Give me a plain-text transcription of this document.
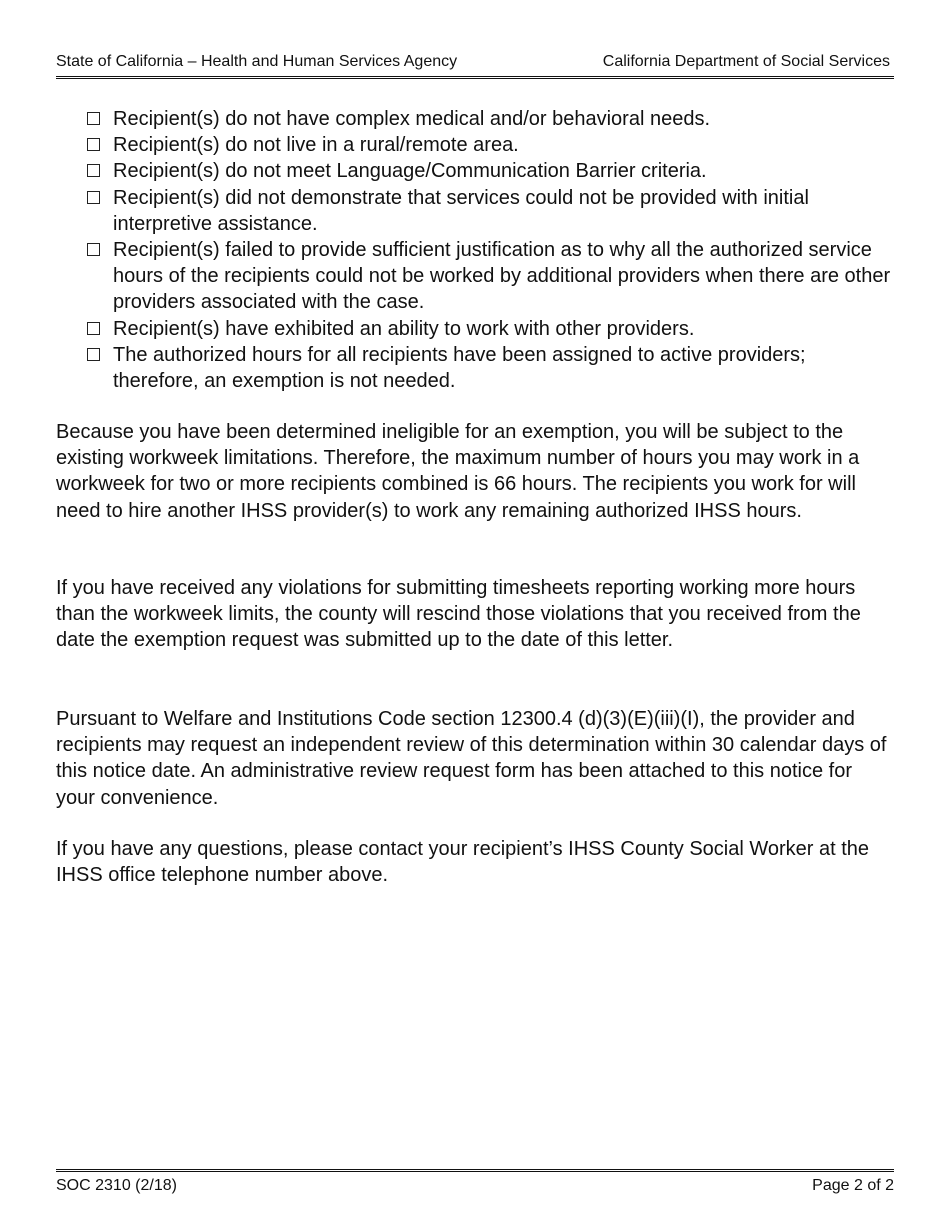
State of California – Health and Human Services Agency	California Department of Social Services
Recipient(s) do not have complex medical and/or behavioral needs.
Recipient(s) do not live in a rural/remote area.
Recipient(s) do not meet Language/Communication Barrier criteria.
Recipient(s) did not demonstrate that services could not be provided with initial interpretive assistance.
Recipient(s) failed to provide sufficient justification as to why all the authorized service hours of the recipients could not be worked by additional providers when there are other providers associated with the case.
Recipient(s) have exhibited an ability to work with other providers.
The authorized hours for all recipients have been assigned to active providers; therefore, an exemption is not needed.

Because you have been determined ineligible for an exemption, you will be subject to the existing workweek limitations. Therefore, the maximum number of hours you may work in a workweek for two or more recipients combined is 66 hours. The recipients you work for will need to hire another IHSS provider(s) to work any remaining authorized IHSS hours.

If you have received any violations for submitting timesheets reporting working more hours than the workweek limits, the county will rescind those violations that you received from the date the exemption request was submitted up to the date of this letter.

Pursuant to Welfare and Institutions Code section 12300.4 (d)(3)(E)(iii)(I), the provider and recipients may request an independent review of this determination within 30 calendar days of this notice date. An administrative review request form has been attached to this notice for your convenience.

If you have any questions, please contact your recipient’s IHSS County Social Worker at the IHSS office telephone number above.

SOC 2310 (2/18)	Page 2 of 2
